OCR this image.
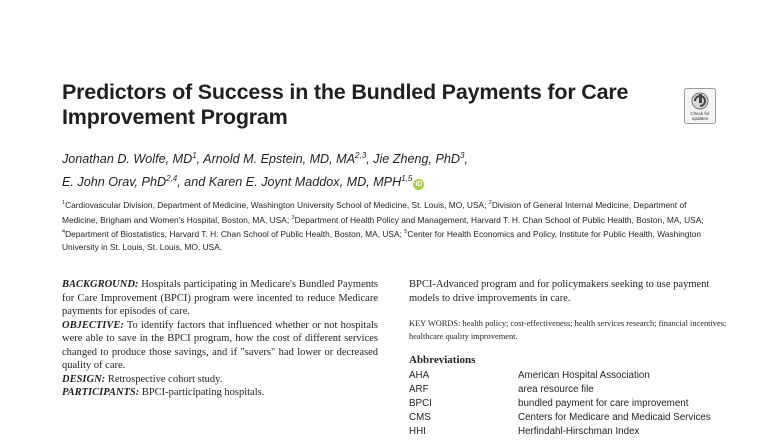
Predictors of Success in the Bundled Payments for Care Improvement Program	Check for
updates
Jonathan D. Wolfe, $MD^1$, Arnold M. Epstein, MD, MA$^{2,3}$, Jie Zheng, PhD$^3$,
E. John Orav, PhD$^{2,4}$, and Karen E. Joynt Maddox, MD, MPH$^{1,5}$iD
$^1$Cardiovascular Division, Department of Medicine, Washington University School of Medicine, St. Louis, MO, USA; $^2$Division of General Internal Medicine, Department of Medicine, Brigham and Women's Hospital, Boston, MA, USA; $^3$Department of Health Policy and Management, Harvard T. H. Chan School of Public Health, Boston, MA, USA; $^4$Department of Biostatistics, Harvard T. H. Chan School of Public Health, Boston, MA, USA; $^5$Center for Health Economics and Policy, Institute for Public Health, Washington University in St. Louis, St. Louis, MO, USA.

BACKGROUND: Hospitals participating in Medicare's Bundled Payments for Care Improvement (BPCI) program were incented to reduce Medicare payments for episodes of care.

OBJECTIVE: To identify factors that influenced whether or not hospitals were able to save in the BPCI program, how the cost of different services changed to produce those savings, and if "savers" had lower or decreased quality of care.

DESIGN: Retrospective cohort study.

PARTICIPANTS: BPCI-participating hospitals.

BPCI-Advanced program and for policymakers seeking to use payment models to drive improvements in care.
KEY WORDS: health policy; cost-effectiveness; health services research; financial incentives; healthcare quality improvement.
Abbreviations
AHA	American Hospital Association
ARF	area resource file
BPCI	bundled payment for care improvement
CMS	Centers for Medicare and Medicaid Services
HHI	Herfindahl-Hirschman Index
